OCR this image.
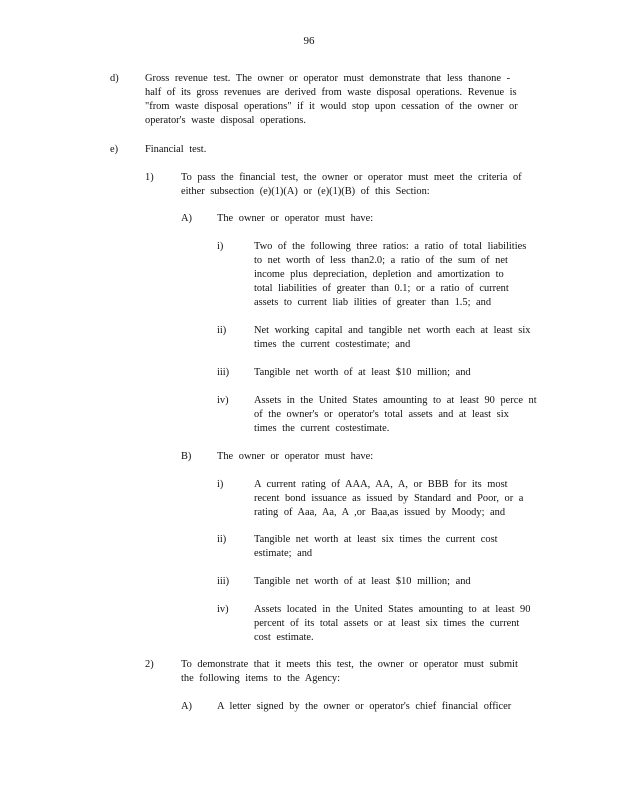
96
d)	Gross revenue test. The owner or operator must demonstrate that less thanone -
half of its gross revenues are derived from waste disposal operations. Revenue is
"from waste disposal operations" if it would stop upon cessation of the owner or
operator's waste disposal operations.
e)	Financial test.
1)	To pass the financial test, the owner or operator must meet the criteria of
either subsection (e)(1)(A) or (e)(1)(B) of this Section:
A) The owner or operator must have:
i)	Two of the following three ratios: a ratio of total liabilities
to net worth of less than2.0; a ratio of the sum of net
income plus depreciation, depletion and amortization to
total liabilities of greater than 0.1; or a ratio of current
assets to current liab ilities of greater than 1.5; and
ii)	Net working capital and tangible net worth each at least six
times the current costestimate; and
iii) Tangible net worth of at least $10 million; and
iv) Assets in the United States amounting to at least 90 perce nt
of the owner's or operator's total assets and at least six
times the current costestimate.
B) The owner or operator must have:
i)	A current rating of AAA, AA, A, or BBB for its most
recent bond issuance as issued by Standard and Poor, or a
rating of Aaa, Aa, A ,or Baa,as issued by Moody; and
ii)	Tangible net worth at least six times the current cost
estimate; and
iii) Tangible net worth of at least $10 million; and
iv) Assets located in the United States amounting to at least 90
percent of its total assets or at least six times the current
cost estimate.
2)	To demonstrate that it meets this test, the owner or operator must submit
the following items to the Agency:
A) A letter signed by the owner or operator's chief financial officer
